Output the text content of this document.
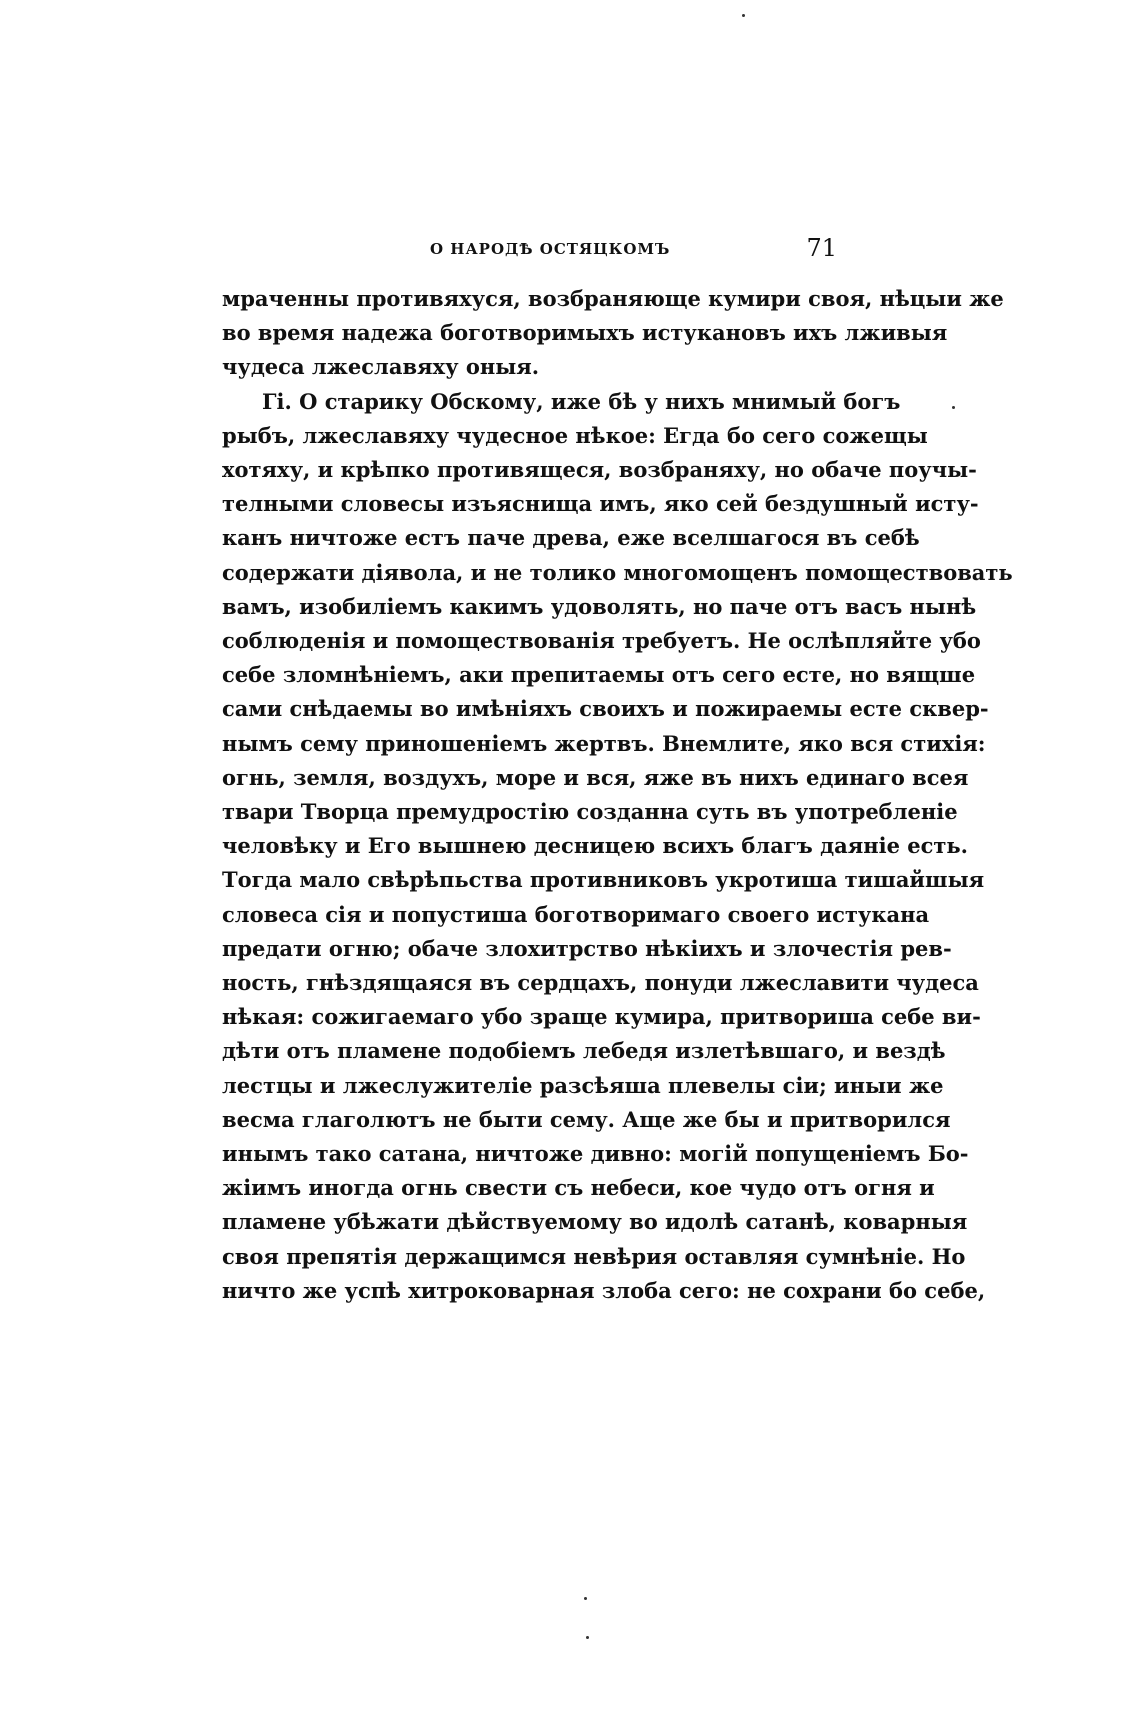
О НАРОДѢ ОСТЯЦКОМЪ	71
мраченны противяхуся, возбраняюще кумири своя, нѣцыи же
во время надежа боготворимыхъ истукановъ ихъ лживыя
чудеса лжеславяху оныя.
Гі. О старику Обскому, иже бѣ у нихъ мнимый богъ
рыбъ, лжеславяху чудесное нѣкое: Егда бо сего сожещы
хотяху, и крѣпко противящеся, возбраняху, но обаче поучы-
телными словесы изъяснища имъ, яко сей бездушный исту-
канъ ничтоже естъ паче древа, еже вселшагося въ себѣ
содержати діявола, и не толико многомощенъ помоществовать
вамъ, изобиліемъ какимъ удоволять, но паче отъ васъ нынѣ
соблюденія и помоществованія требуетъ. Не ослѣпляйте убо
себе зломнѣніемъ, аки препитаемы отъ сего есте, но вящше
сами снѣдаемы во имѣніяхъ своихъ и пожираемы есте сквер-
нымъ сему приношеніемъ жертвъ. Внемлите, яко вся стихія:
огнь, земля, воздухъ, море и вся, яже въ нихъ единаго всея
твари Творца премудростію созданна суть въ употребленіе
человѣку и Его вышнею десницею всихъ благъ даяніе есть.
Тогда мало свѣрѣпьства противниковъ укротиша тишайшыя
словеса сія и попустиша боготворимаго своего истукана
предати огню; обаче злохитрство нѣкіихъ и злочестія рев-
ность, гнѣздящаяся въ сердцахъ, понуди лжеславити чудеса
нѣкая: сожигаемаго убо зраще кумира, притвориша себе ви-
дѣти отъ пламене подобіемъ лебедя излетѣвшаго, и вездѣ
лестцы и лжеслужителіе разсѣяша плевелы сіи; иныи же
весма глаголютъ не быти сему. Аще же бы и притворился
инымъ тако сатана, ничтоже дивно: могій попущеніемъ Бо-
жіимъ иногда огнь свести съ небеси, кое чудо отъ огня и
пламене убѣжати дѣйствуемому во идолѣ сатанѣ, коварныя
своя препятія держащимся невѣрия оставляя сумнѣніе. Но
ничто же успѣ хитроковарная злоба сего: не сохрани бо себе,
